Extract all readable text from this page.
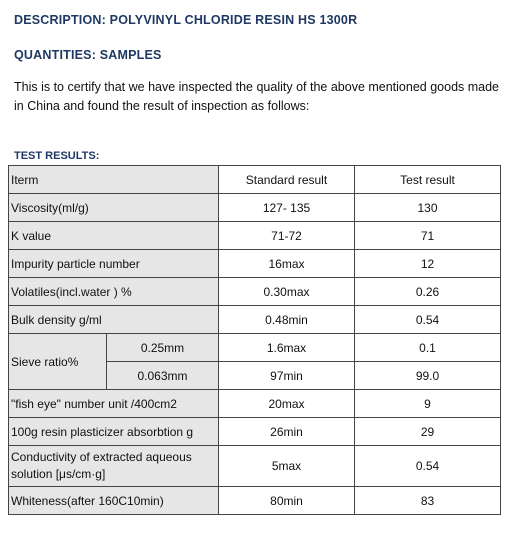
DESCRIPTION: POLYVINYL CHLORIDE RESIN HS 1300R
QUANTITIES: SAMPLES
This is to certify that we have inspected the quality of the above mentioned goods made in China and found the result of inspection as follows:
TEST RESULTS:
Iterm		Standard result	Test result
Viscosity(ml/g)		127- 135	130
K value		71-72	71
Impurity particle number		16max	12
Volatiles(incl.water ) %		0.30max	0.26
Bulk density g/ml		0.48min	0.54
Sieve ratio%	0.25mm	1.6max	0.1
	0.063mm	97min	99.0
"fish eye" number unit /400cm2		20max	9
100g resin plasticizer absorbtion g		26min	29
Conductivity of extracted aqueous solution [μs/cm·g]		5max	0.54
Whiteness(after 160C10min)		80min	83
